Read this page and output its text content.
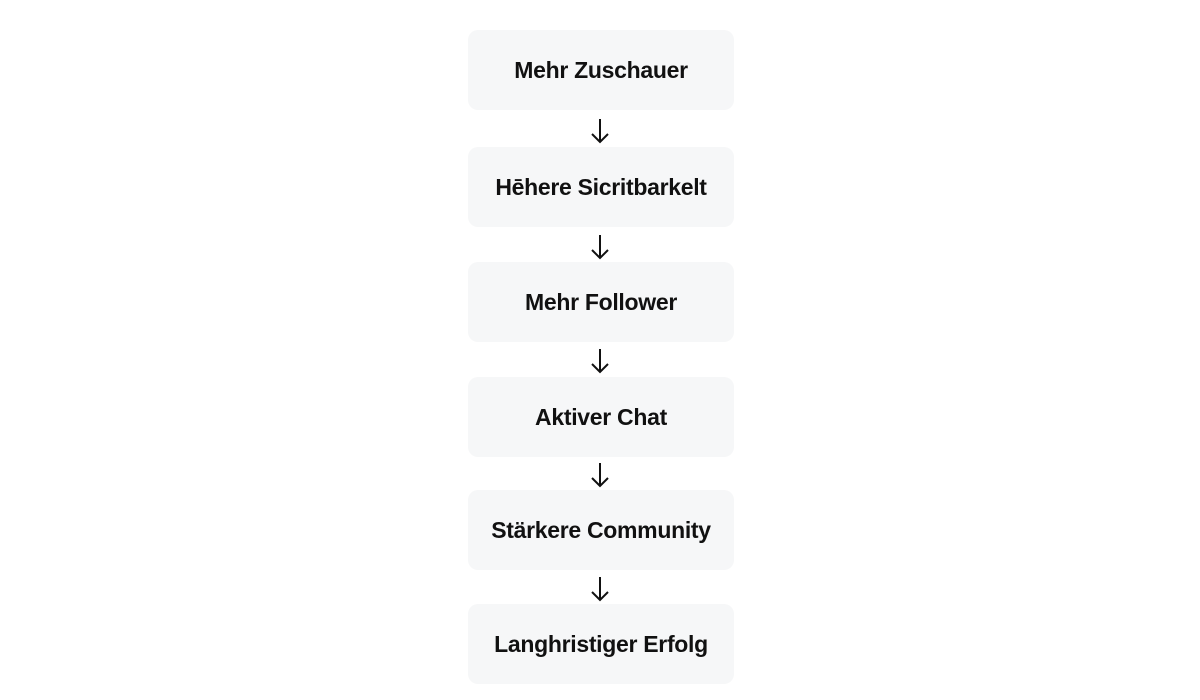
Mehr Zuschauer
Hēhere Sicritbarkelt
Mehr Follower
Aktiver Chat
Stärkere Community
Langhristiger Erfolg
